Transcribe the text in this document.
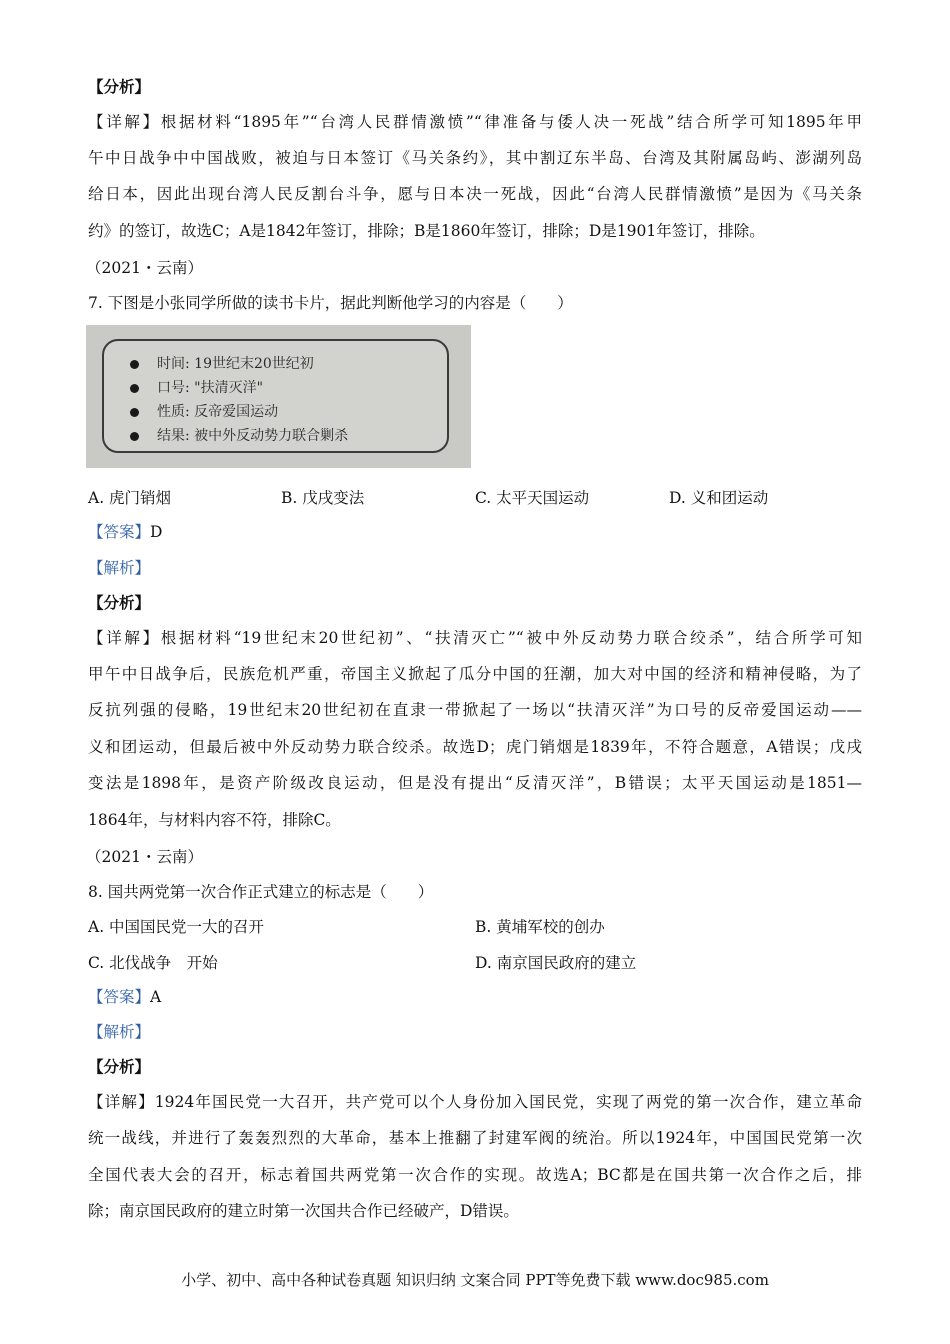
【分析】
【详解】根据材料“1895年”“台湾人民群情激愤”“律准备与倭人决一死战”结合所学可知1895年甲
午中日战争中中国战败，被迫与日本签订《马关条约》，其中割辽东半岛、台湾及其附属岛屿、澎湖列岛
给日本，因此出现台湾人民反割台斗争，愿与日本决一死战，因此“台湾人民群情激愤”是因为《马关条
约》的签订，故选C；A是1842年签订，排除；B是1860年签订，排除；D是1901年签订，排除。
（2021・云南）
7. 下图是小张同学所做的读书卡片，据此判断他学习的内容是（　　）
时间: 19世纪末20世纪初
口号: "扶清灭洋"
性质: 反帝爱国运动
结果: 被中外反动势力联合剿杀
A. 虎门销烟	B. 戊戌变法	C. 太平天国运动	D. 义和团运动
【答案】D
【解析】
【分析】
【详解】根据材料“19世纪末20世纪初”、“扶清灭亡”“被中外反动势力联合绞杀”，结合所学可知
甲午中日战争后，民族危机严重，帝国主义掀起了瓜分中国的狂潮，加大对中国的经济和精神侵略，为了
反抗列强的侵略，19世纪末20世纪初在直隶一带掀起了一场以“扶清灭洋”为口号的反帝爱国运动——
义和团运动，但最后被中外反动势力联合绞杀。故选D；虎门销烟是1839年，不符合题意，A错误；戊戌
变法是1898年，是资产阶级改良运动，但是没有提出“反清灭洋”，B错误；太平天国运动是1851—
1864年，与材料内容不符，排除C。
（2021・云南）
8. 国共两党第一次合作正式建立的标志是（　　）
A. 中国国民党一大的召开	B. 黄埔军校的创办
C. 北伐战争　开始	D. 南京国民政府的建立
【答案】A
【解析】
【分析】
【详解】1924年国民党一大召开，共产党可以个人身份加入国民党，实现了两党的第一次合作，建立革命
统一战线，并进行了轰轰烈烈的大革命，基本上推翻了封建军阀的统治。所以1924年，中国国民党第一次
全国代表大会的召开，标志着国共两党第一次合作的实现。故选A；BC都是在国共第一次合作之后，排
除；南京国民政府的建立时第一次国共合作已经破产，D错误。
小学、初中、高中各种试卷真题 知识归纳 文案合同 PPT等免费下载 www.doc985.com
